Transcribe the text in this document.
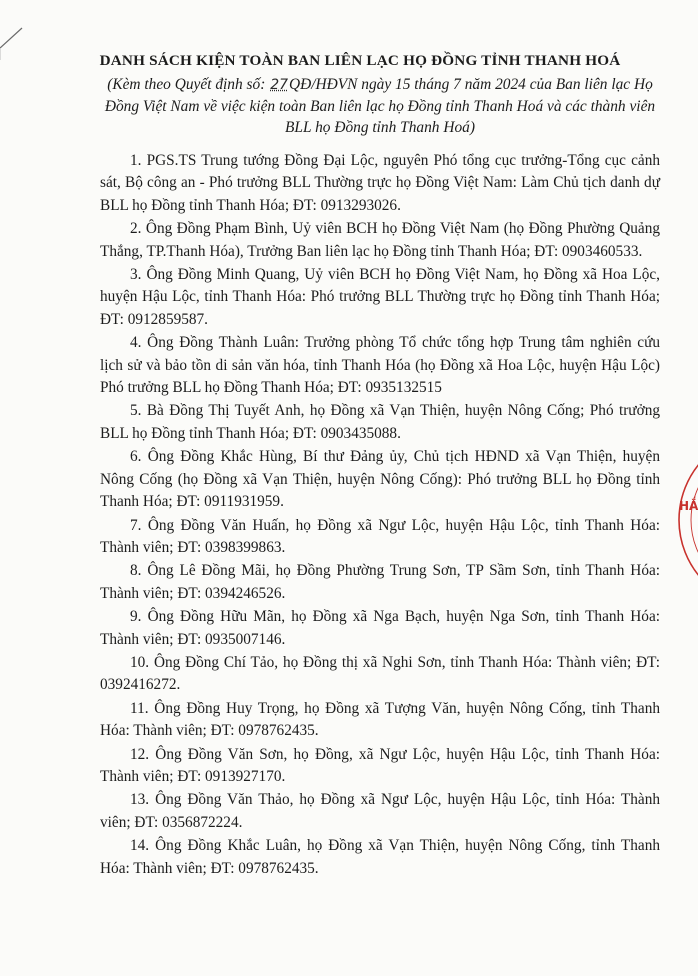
DANH SÁCH KIỆN TOÀN BAN LIÊN LẠC HỌ ĐỒNG TỈNH THANH HOÁ
(Kèm theo Quyết định số: 27QĐ/HĐVN ngày 15 tháng 7 năm 2024 của Ban liên lạc Họ Đồng Việt Nam về việc kiện toàn Ban liên lạc họ Đồng tỉnh Thanh Hoá và các thành viên BLL họ Đồng tỉnh Thanh Hoá)

1. PGS.TS Trung tướng Đồng Đại Lộc, nguyên Phó tổng cục trưởng-Tổng cục cảnh sát, Bộ công an - Phó trưởng BLL Thường trực họ Đồng Việt Nam: Làm Chủ tịch danh dự BLL họ Đồng tỉnh Thanh Hóa; ĐT: 0913293026.

2. Ông Đồng Phạm Bình, Uỷ viên BCH họ Đồng Việt Nam (họ Đồng Phường Quảng Thắng, TP.Thanh Hóa), Trưởng Ban liên lạc họ Đồng tỉnh Thanh Hóa; ĐT: 0903460533.

3. Ông Đồng Minh Quang, Uỷ viên BCH họ Đồng Việt Nam, họ Đồng xã Hoa Lộc, huyện Hậu Lộc, tỉnh Thanh Hóa: Phó trưởng BLL Thường trực họ Đồng tỉnh Thanh Hóa; ĐT: 0912859587.

4. Ông Đồng Thành Luân: Trưởng phòng Tổ chức tổng hợp Trung tâm nghiên cứu lịch sử và bảo tồn di sản văn hóa, tỉnh Thanh Hóa (họ Đồng xã Hoa Lộc, huyện Hậu Lộc) Phó trưởng BLL họ Đồng Thanh Hóa; ĐT: 0935132515

5. Bà Đồng Thị Tuyết Anh, họ Đồng xã Vạn Thiện, huyện Nông Cống; Phó trưởng BLL họ Đồng tỉnh Thanh Hóa; ĐT: 0903435088.

6. Ông Đồng Khắc Hùng, Bí thư Đảng ủy, Chủ tịch HĐND xã Vạn Thiện, huyện Nông Cống (họ Đồng xã Vạn Thiện, huyện Nông Cống): Phó trưởng BLL họ Đồng tỉnh Thanh Hóa; ĐT: 0911931959.

7. Ông Đồng Văn Huấn, họ Đồng xã Ngư Lộc, huyện Hậu Lộc, tỉnh Thanh Hóa: Thành viên; ĐT: 0398399863.

8. Ông Lê Đồng Mãi, họ Đồng Phường Trung Sơn, TP Sầm Sơn, tỉnh Thanh Hóa: Thành viên; ĐT: 0394246526.

9. Ông Đồng Hữu Mãn, họ Đồng xã Nga Bạch, huyện Nga Sơn, tỉnh Thanh Hóa: Thành viên; ĐT: 0935007146.

10. Ông Đồng Chí Tảo, họ Đồng thị xã Nghi Sơn, tỉnh Thanh Hóa: Thành viên; ĐT: 0392416272.

11. Ông Đồng Huy Trọng, họ Đồng xã Tượng Văn, huyện Nông Cống, tỉnh Thanh Hóa: Thành viên; ĐT: 0978762435.

12. Ông Đồng Văn Sơn, họ Đồng, xã Ngư Lộc, huyện Hậu Lộc, tỉnh Thanh Hóa: Thành viên; ĐT: 0913927170.

13. Ông Đồng Văn Thảo, họ Đồng xã Ngư Lộc, huyện Hậu Lộc, tỉnh Hóa: Thành viên; ĐT: 0356872224.

14. Ông Đồng Khắc Luân, họ Đồng xã Vạn Thiện, huyện Nông Cống, tỉnh Thanh Hóa: Thành viên; ĐT: 0978762435.

HẮ
